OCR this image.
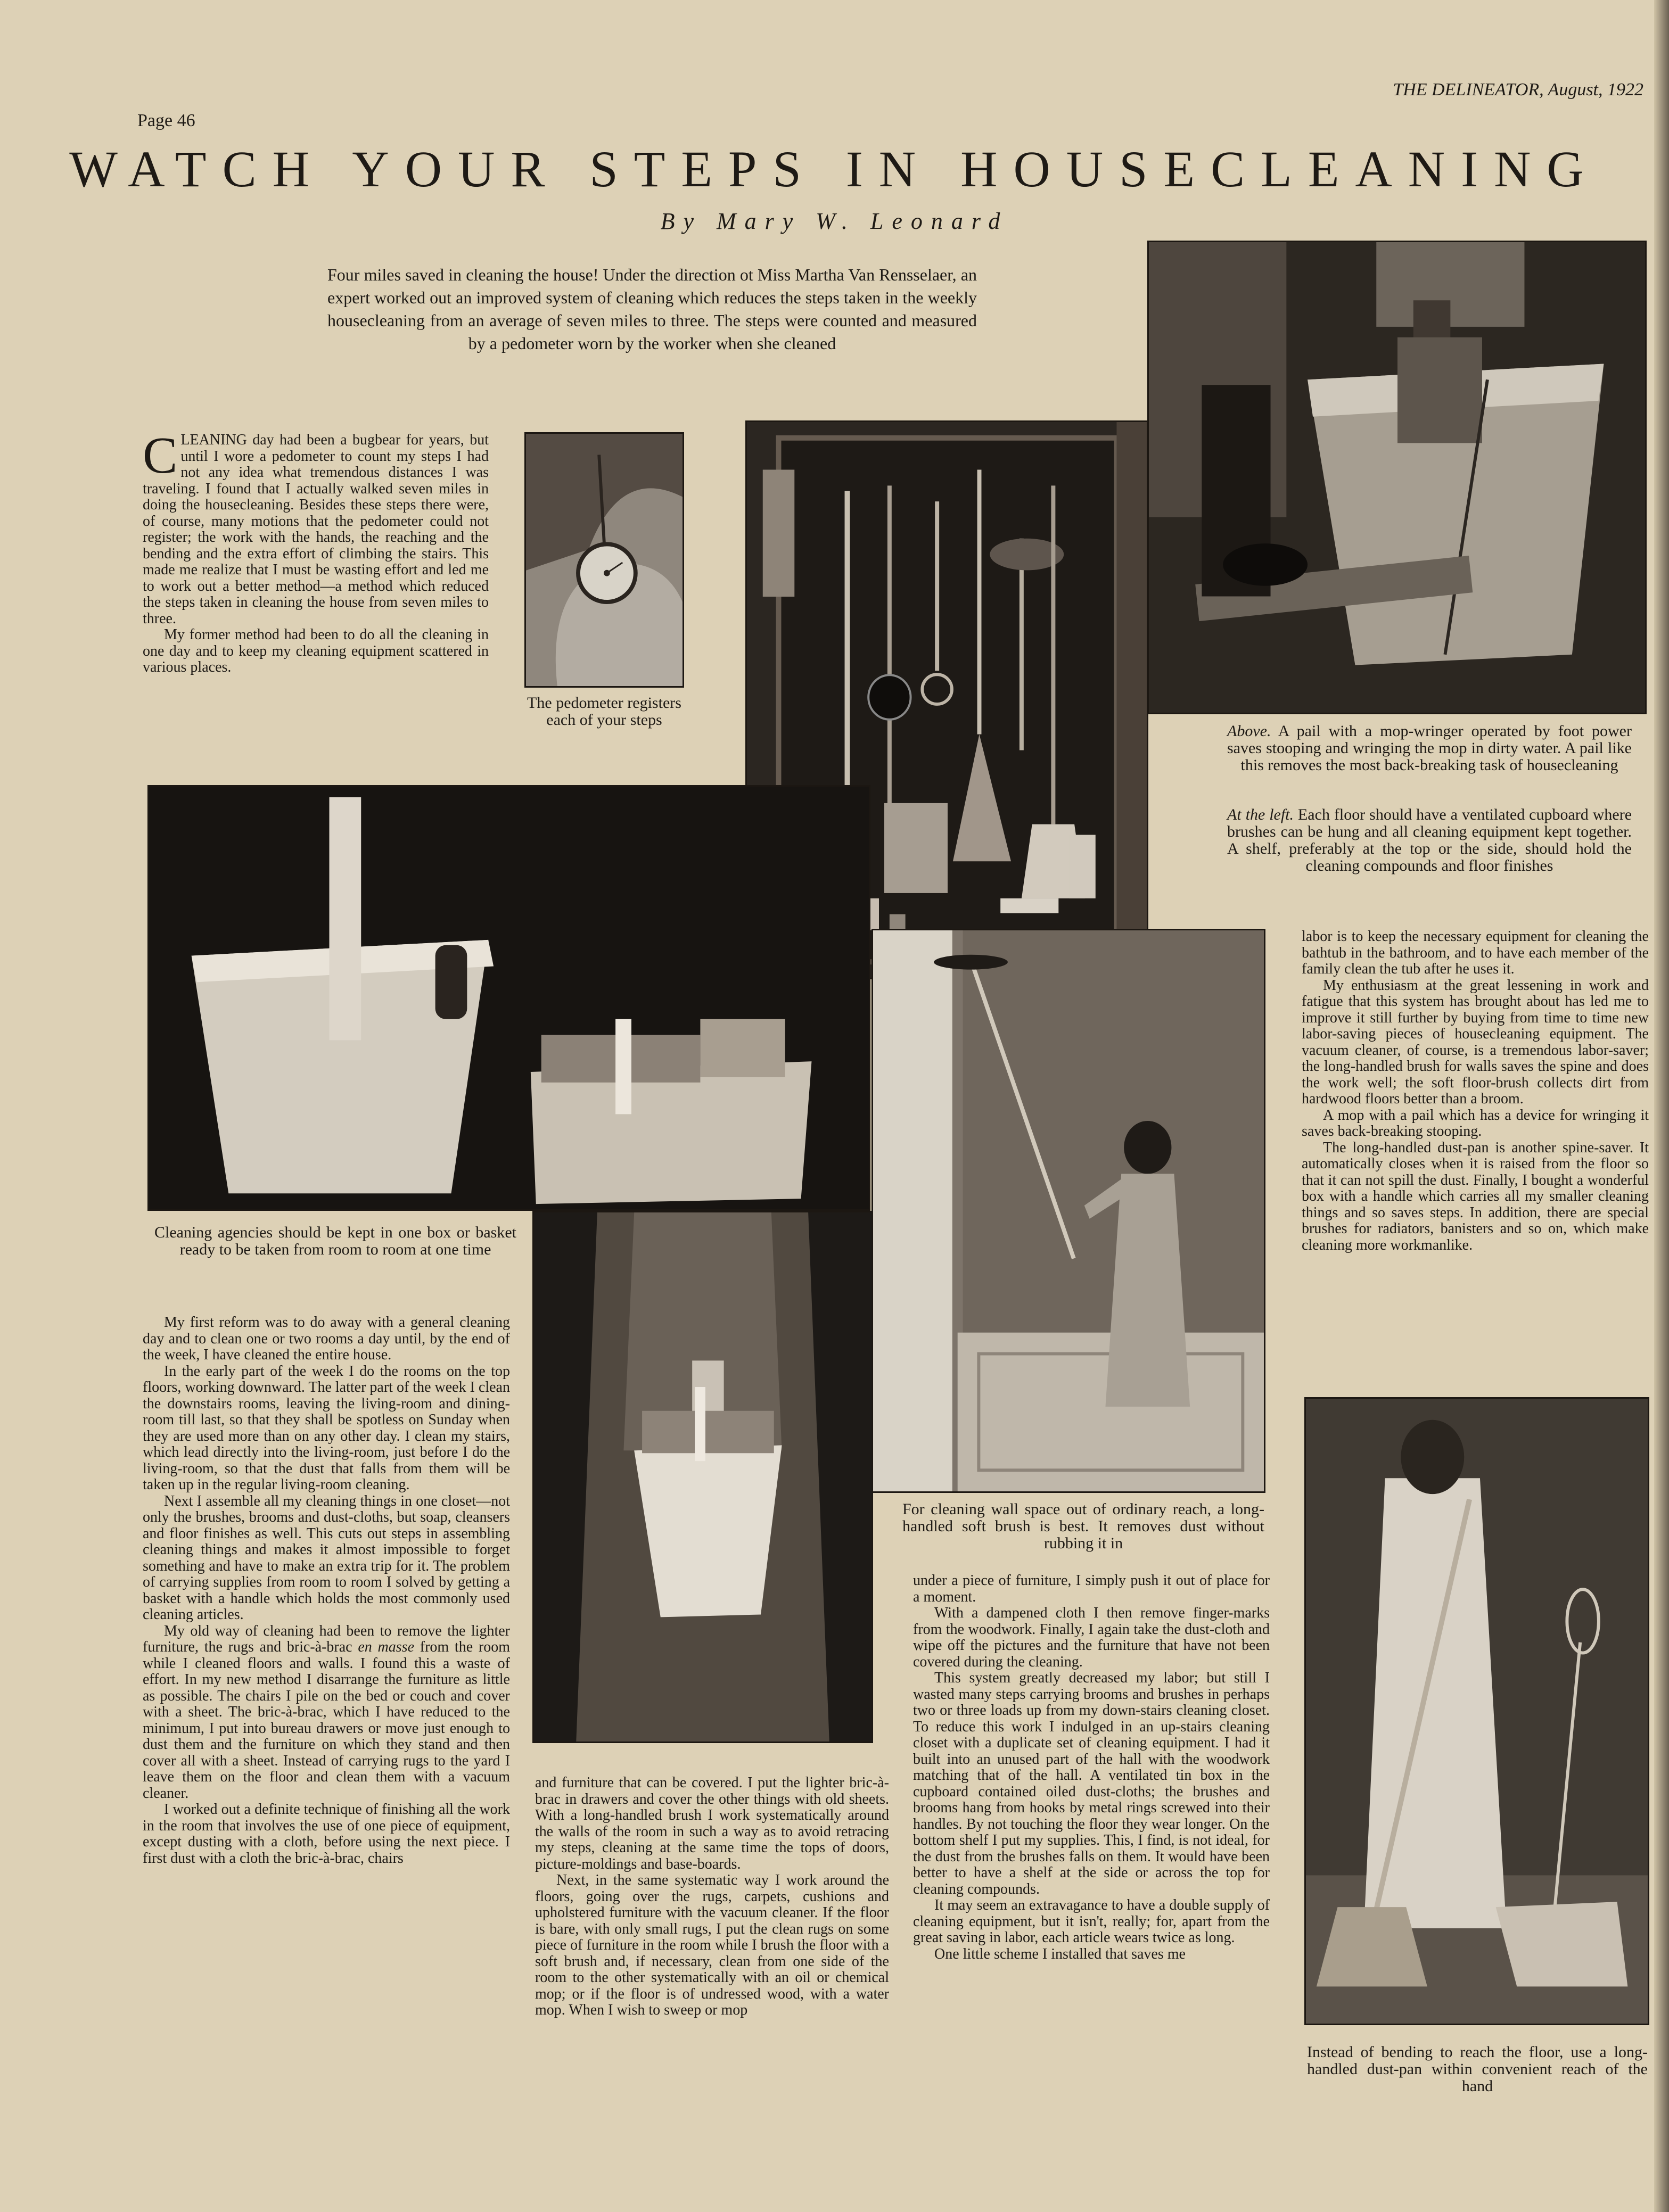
Page 46
THE DELINEATOR, August, 1922
WATCH YOUR STEPS IN HOUSECLEANING
By Mary W. Leonard
Four miles saved in cleaning the house! Under the direction ot Miss Martha Van Rensselaer, an expert worked out an improved system of cleaning which reduces the steps taken in the weekly housecleaning from an average of seven miles to three. The steps were counted and measured by a pedometer worn by the worker when she cleaned

CLEANING day had been a bugbear for years, but until I wore a pedometer to count my steps I had not any idea what tremendous distances I was traveling. I found that I actually walked seven miles in doing the housecleaning. Besides these steps there were, of course, many motions that the pedometer could not register; the work with the hands, the reaching and the bending and the extra effort of climbing the stairs. This made me realize that I must be wasting effort and led me to work out a better method—a method which reduced the steps taken in cleaning the house from seven miles to three.

My former method had been to do all the cleaning in one day and to keep my cleaning equipment scattered in various places.

The pedometer registers each of your steps
Above. A pail with a mop-wringer operated by foot power saves stooping and wringing the mop in dirty water. A pail like this removes the most back-breaking task of housecleaning
At the left. Each floor should have a ventilated cupboard where brushes can be hung and all cleaning equipment kept together. A shelf, preferably at the top or the side, should hold the cleaning compounds and floor finishes
Cleaning agencies should be kept in one box or basket ready to be taken from room to room at one time
For cleaning wall space out of ordinary reach, a long-handled soft brush is best. It removes dust without rubbing it in
Instead of bending to reach the floor, use a long-handled dust-pan within convenient reach of the hand

My first reform was to do away with a general cleaning day and to clean one or two rooms a day until, by the end of the week, I have cleaned the entire house.

In the early part of the week I do the rooms on the top floors, working downward. The latter part of the week I clean the downstairs rooms, leaving the living-room and dining-room till last, so that they shall be spotless on Sunday when they are used more than on any other day. I clean my stairs, which lead directly into the living-room, just before I do the living-room, so that the dust that falls from them will be taken up in the regular living-room cleaning.

Next I assemble all my cleaning things in one closet—not only the brushes, brooms and dust-cloths, but soap, cleansers and floor finishes as well. This cuts out steps in assembling cleaning things and makes it almost impossible to forget something and have to make an extra trip for it. The problem of carrying supplies from room to room I solved by getting a basket with a handle which holds the most commonly used cleaning articles.

My old way of cleaning had been to remove the lighter furniture, the rugs and bric-à-brac en masse from the room while I cleaned floors and walls. I found this a waste of effort. In my new method I disarrange the furniture as little as possible. The chairs I pile on the bed or couch and cover with a sheet. The bric-à-brac, which I have reduced to the minimum, I put into bureau drawers or move just enough to dust them and the furniture on which they stand and then cover all with a sheet. Instead of carrying rugs to the yard I leave them on the floor and clean them with a vacuum cleaner.

I worked out a definite technique of finishing all the work in the room that involves the use of one piece of equipment, except dusting with a cloth, before using the next piece. I first dust with a cloth the bric-à-brac, chairs

and furniture that can be covered. I put the lighter bric-à-brac in drawers and cover the other things with old sheets. With a long-handled brush I work systematically around the walls of the room in such a way as to avoid retracing my steps, cleaning at the same time the tops of doors, picture-moldings and base-boards.

Next, in the same systematic way I work around the floors, going over the rugs, carpets, cushions and upholstered furniture with the vacuum cleaner. If the floor is bare, with only small rugs, I put the clean rugs on some piece of furniture in the room while I brush the floor with a soft brush and, if necessary, clean from one side of the room to the other systematically with an oil or chemical mop; or if the floor is of undressed wood, with a water mop. When I wish to sweep or mop

under a piece of furniture, I simply push it out of place for a moment.

With a dampened cloth I then remove finger-marks from the woodwork. Finally, I again take the dust-cloth and wipe off the pictures and the furniture that have not been covered during the cleaning.

This system greatly decreased my labor; but still I wasted many steps carrying brooms and brushes in perhaps two or three loads up from my down-stairs cleaning closet. To reduce this work I indulged in an up-stairs cleaning closet with a duplicate set of cleaning equipment. I had it built into an unused part of the hall with the woodwork matching that of the hall. A ventilated tin box in the cupboard contained oiled dust-cloths; the brushes and brooms hang from hooks by metal rings screwed into their handles. By not touching the floor they wear longer. On the bottom shelf I put my supplies. This, I find, is not ideal, for the dust from the brushes falls on them. It would have been better to have a shelf at the side or across the top for cleaning compounds.

It may seem an extravagance to have a double supply of cleaning equipment, but it isn't, really; for, apart from the great saving in labor, each article wears twice as long.

One little scheme I installed that saves me

labor is to keep the necessary equipment for cleaning the bathtub in the bathroom, and to have each member of the family clean the tub after he uses it.

My enthusiasm at the great lessening in work and fatigue that this system has brought about has led me to improve it still further by buying from time to time new labor-saving pieces of housecleaning equipment. The vacuum cleaner, of course, is a tremendous labor-saver; the long-handled brush for walls saves the spine and does the work well; the soft floor-brush collects dirt from hardwood floors better than a broom.

A mop with a pail which has a device for wringing it saves back-breaking stooping.

The long-handled dust-pan is another spine-saver. It automatically closes when it is raised from the floor so that it can not spill the dust. Finally, I bought a wonderful box with a handle which carries all my smaller cleaning things and so saves steps. In addition, there are special brushes for radiators, banisters and so on, which make cleaning more workmanlike.
